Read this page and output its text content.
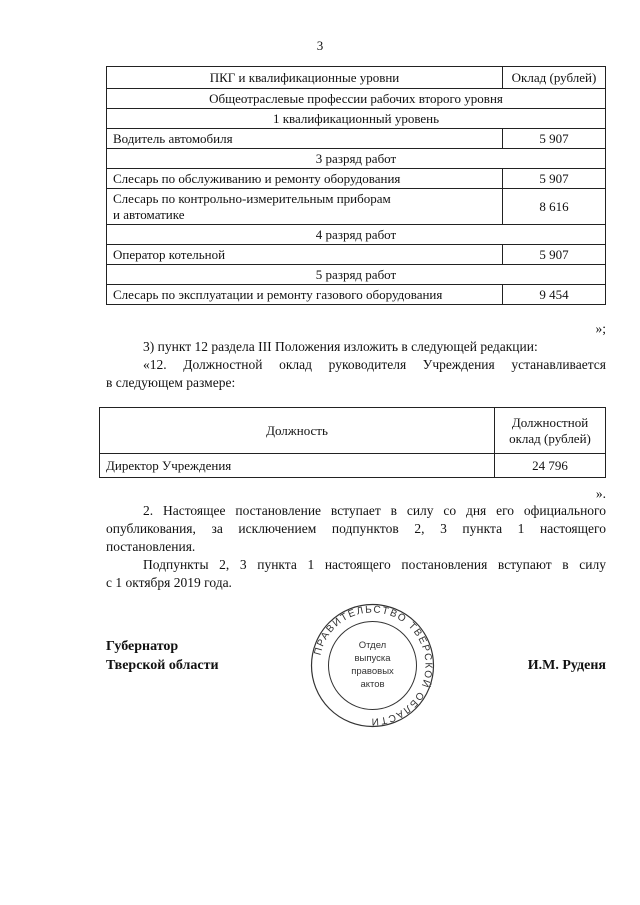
3
ПКГ и квалификационные уровни	Оклад (рублей)
Общеотраслевые профессии рабочих второго уровня	
1 квалификационный уровень	
Водитель автомобиля	5 907
3 разряд работ	
Слесарь по обслуживанию и ремонту оборудования	5 907
Слесарь по контрольно-измерительным приборам
и автоматике	8 616
4 разряд работ	
Оператор котельной	5 907
5 разряд работ	
Слесарь по эксплуатации и ремонту газового оборудования	9 454
»;
3) пункт 12 раздела III Положения изложить в следующей редакции:
«12. Должностной оклад руководителя Учреждения устанавливается
в следующем размере:
Должность	Должностной
оклад (рублей)
Директор Учреждения	24 796
».
2. Настоящее постановление вступает в силу со дня его официального
опубликования, за исключением подпунктов 2, 3 пункта 1 настоящего
постановления.
Подпункты 2, 3 пункта 1 настоящего постановления вступают в силу
с 1 октября 2019 года.
Губернатор
Тверской области	И.М. Руденя
ПРАВИТЕЛЬСТВО ТВЕРСКОЙ ОБЛАСТИ
Отдел
выпуска
правовых
актов
